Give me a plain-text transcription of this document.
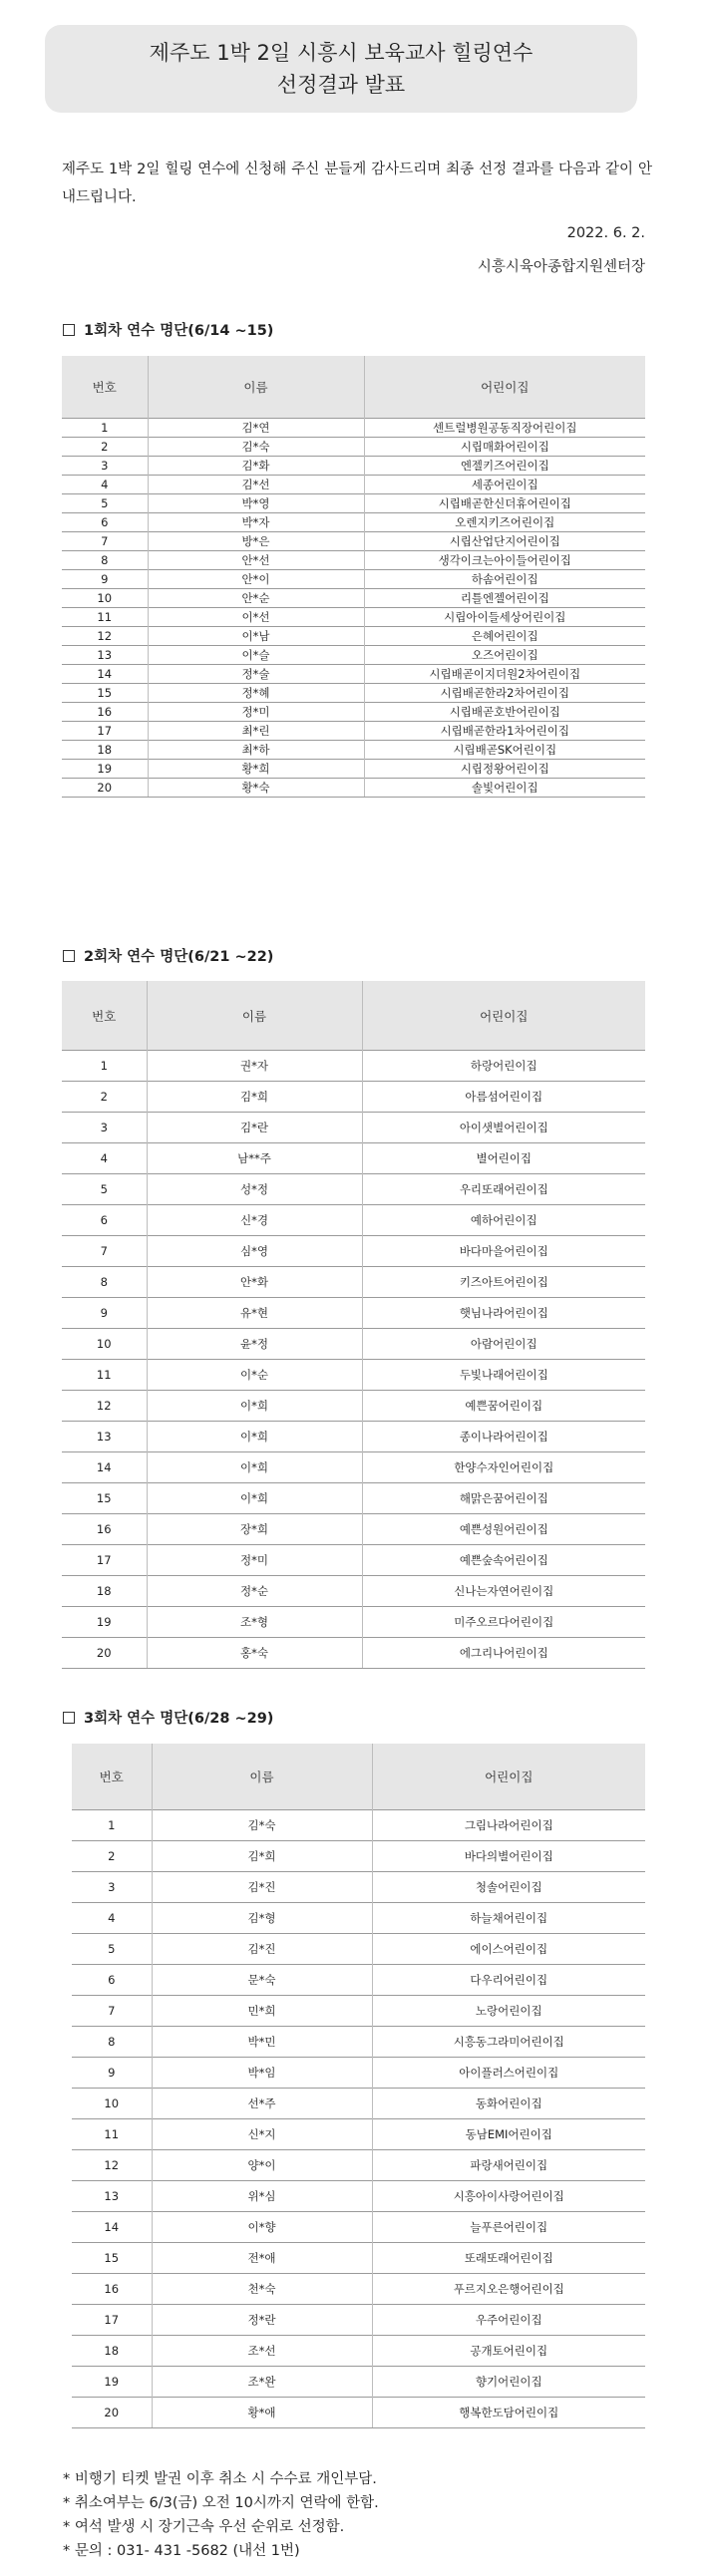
제주도 1박 2일 시흥시 보육교사 힐링연수
선정결과 발표
제주도 1박 2일 힐링 연수에 신청해 주신 분들게 감사드리며 최종 선정 결과를 다음과 같이 안내드립니다.
2022. 6. 2.
시흥시육아종합지원센터장
1회차 연수 명단(6/14 ~15)
번호	이름	어린이집
1	김*연	센트럴병원공동직장어린이집
2	김*숙	시립매화어린이집
3	김*화	엔젤키즈어린이집
4	김*선	세종어린이집
5	박*영	시립배곧한신더휴어린이집
6	박*자	오렌지키즈어린이집
7	방*은	시립산업단지어린이집
8	안*선	생각이크는아이들어린이집
9	안*이	하솜어린이집
10	안*순	리틀엔젤어린이집
11	이*선	시립아이들세상어린이집
12	이*남	은혜어린이집
13	이*슬	오즈어린이집
14	정*술	시립배곧이지더원2차어린이집
15	정*혜	시립배곧한라2차어린이집
16	정*미	시립배곧호반어린이집
17	최*린	시립배곧한라1차어린이집
18	최*하	시립배곧SK어린이집
19	황*희	시립정왕어린이집
20	황*숙	솔빛어린이집
2회차 연수 명단(6/21 ~22)
번호	이름	어린이집
1	권*자	하랑어린이집
2	김*희	아름섬어린이집
3	김*란	아이샛별어린이집
4	남**주	별어린이집
5	성*정	우리또래어린이집
6	신*경	예하어린이집
7	심*영	바다마을어린이집
8	안*화	키즈아트어린이집
9	유*현	햇님나라어린이집
10	윤*정	아람어린이집
11	이*순	두빛나래어린이집
12	이*희	예쁜꿈어린이집
13	이*희	종이나라어린이집
14	이*희	한양수자인어린이집
15	이*희	해맑은꿈어린이집
16	장*희	예쁜성원어린이집
17	정*미	예쁜숲속어린이집
18	정*순	신나는자연어린이집
19	조*형	미주오르다어린이집
20	홍*숙	에그리나어린이집
3회차 연수 명단(6/28 ~29)
번호	이름	어린이집
1	김*숙	그림나라어린이집
2	김*희	바다의별어린이집
3	김*진	청솔어린이집
4	김*형	하늘채어린이집
5	김*진	에이스어린이집
6	문*숙	다우리어린이집
7	민*희	노랑어린이집
8	박*민	시흥동그라미어린이집
9	박*임	아이플러스어린이집
10	선*주	동화어린이집
11	신*지	동남EMI어린이집
12	양*이	파랑새어린이집
13	위*심	시흥아이사랑어린이집
14	이*향	늘푸른어린이집
15	전*애	또래또래어린이집
16	천*숙	푸르지오은행어린이집
17	정*란	우주어린이집
18	조*선	공개토어린이집
19	조*완	향기어린이집
20	황*애	행복한도담어린이집
* 비행기 티켓 발권 이후 취소 시 수수료 개인부담.
* 취소여부는 6/3(금) 오전 10시까지 연락에 한함.
* 여석 발생 시 장기근속 우선 순위로 선정함.
* 문의 : 031- 431 -5682 (내선 1번)
